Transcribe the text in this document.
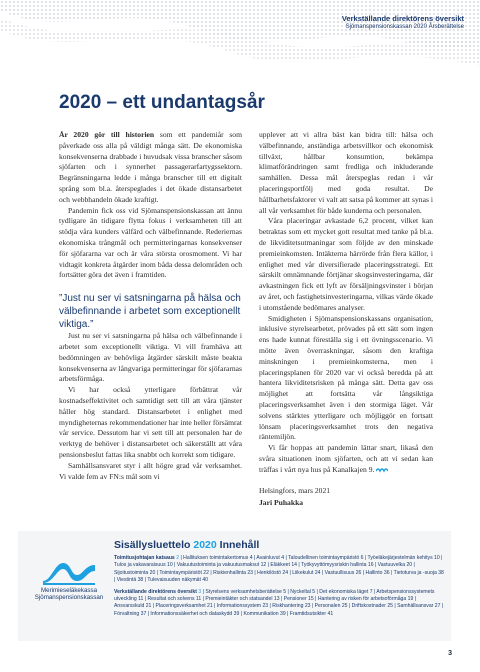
Verkställande direktörens översikt
Sjömanspensionskassan 2020 Årsberättelse
2020 – ett undantagsår

År 2020 gör till historien som ett pandemiår som påverkade oss alla på väldigt många sätt. De ekonomiska konsekvenserna drabbade i huvudsak vissa branscher såsom sjöfarten och i synnerhet passagerarfartygssektorn. Begränsningarna ledde i många branscher till ett digitalt språng som bl.a. återspeglades i det ökade distansarbetet och webbhandeln ökade kraftigt.

Pandemin fick oss vid Sjömanspensionskassan att ännu tydligare än tidigare flytta fokus i verksamheten till att stödja våra kunders välfärd och välbefinnande. Rederiernas ekonomiska trångmål och permitteringarnas konsekvenser för sjöfararna var och är våra största orosmoment. Vi har vidtagit konkreta åtgärder inom båda dessa delområden och fortsätter göra det även i framtiden.

”Just nu ser vi satsningarna på hälsa och välbefinnande i arbetet som exceptionellt viktiga.”

Just nu ser vi satsningarna på hälsa och välbefinnande i arbetet som exceptionellt viktiga. Vi vill framhäva att bedömningen av behövliga åtgärder särskilt måste beakta konsekvenserna av långvariga permitteringar för sjöfararnas arbetsförmåga.

Vi har också ytterligare förbättrat vår kostnadseffektivitet och samtidigt sett till att våra tjänster håller hög standard. Distansarbetet i enlighet med myndigheternas rekommendationer har inte heller försämrat vår service. Dessutom har vi sett till att personalen har de verktyg de behöver i distansarbetet och säkerställt att våra pensionsbeslut fattas lika snabbt och korrekt som tidigare.

Samhällsansvaret styr i allt högre grad vår verksamhet. Vi valde fem av FN:s mål som vi

upplever att vi allra bäst kan bidra till: hälsa och välbefinnande, anständiga arbetsvillkor och ekonomisk tillväxt, hållbar konsumtion, bekämpa klimatförändringen samt fredliga och inkluderande samhällen. Dessa mål återspeglas redan i vår placeringsportfölj med goda resultat. De hållbarhetsfaktorer vi valt att satsa på kommer att synas i all vår verksamhet för både kunderna och personalen.

Våra placeringar avkastade 6,2 procent, vilket kan betraktas som ett mycket gott resultat med tanke på bl.a. de likviditetsutmaningar som följde av den minskade premieinkomsten. Intäkterna härrörde från flera källor, i enlighet med vår diversifierade placeringsstrategi. Ett särskilt omnämnande förtjänar skogsinvesteringarna, där avkastningen fick ett lyft av försäljningsvinster i början av året, och fastighetsinvesteringarna, vilkas värde ökade i utomstående bedömares analyser.

Smidigheten i Sjömanspensionskassans organisation, inklusive styrelsearbetet, prövades på ett sätt som ingen ens hade kunnat föreställa sig i ett övningsscenario. Vi mötte även överraskningar, såsom den kraftiga minskningen i premieinkomsterna, men i placeringsplanen för 2020 var vi också beredda på att hantera likviditetsrisken på många sätt. Detta gav oss möjlighet att fortsätta vår långsiktiga placeringsverksamhet även i den stormiga läget. Vår solvens stärktes ytterligare och möjliggör en fortsatt lönsam placeringsverksamhet trots den negativa räntemiljön.

Vi får hoppas att pandemin lättar snart, likaså den svåra situationen inom sjöfarten, och att vi sedan kan träffas i vårt nya hus på Kanalkajen 9.

Helsingfors, mars 2021
Jari Puhakka
Merimieseläkekassa
Sjömanspensionskassan
Sisällysluettelo 2020 Innehåll
Toimitusjohtajan katsaus 2 | Hallituksen toimintakertomus 4 | Avainluvut 4 | Taloudellinen toimintaympäristö 6 | Työeläkejärjestelmän kehitys 10 | Tulos ja vakavaraisuus 10 | Vakuutustoiminta ja vakuutusmaksut 12 | Eläkkeet 14 | Työkyvyttömyysriskin hallinta 16 | Vastuuvelka 20 | Sijoitustoiminta 20 | Toimintaympäristöt 22 | Riskienhallinta 23 | Henkilöstö 24 | Liikekulut 24 | Vastuullisuus 26 | Hallinto 36 | Tietoturva ja -suoja 38 | Viestintä 38 | Tulevaisuuden näkymät 40
Verkställande direktörens översikt 3 | Styrelsens verksamhetsberättelse 5 | Nyckeltal 5 | Det ekonomiska läget 7 | Arbetspensionssystemets utveckling 11 | Resultat och solvens 11 | Premieintäkter och statsandel 13 | Pensioner 15 | Hantering av risken för arbetsoförmåga 19 | Ansvarsskuld 21 | Placeringsverksamhet 21 | Informationssystem 23 | Riskhantering 23 | Personalen 25 | Driftskostnader 25 | Samhällsansvar 27 | Förvaltning 37 | Informationssäkerhet och dataskydd 39 | Kommunikation 39 | Framtidsutsikter 41
3
